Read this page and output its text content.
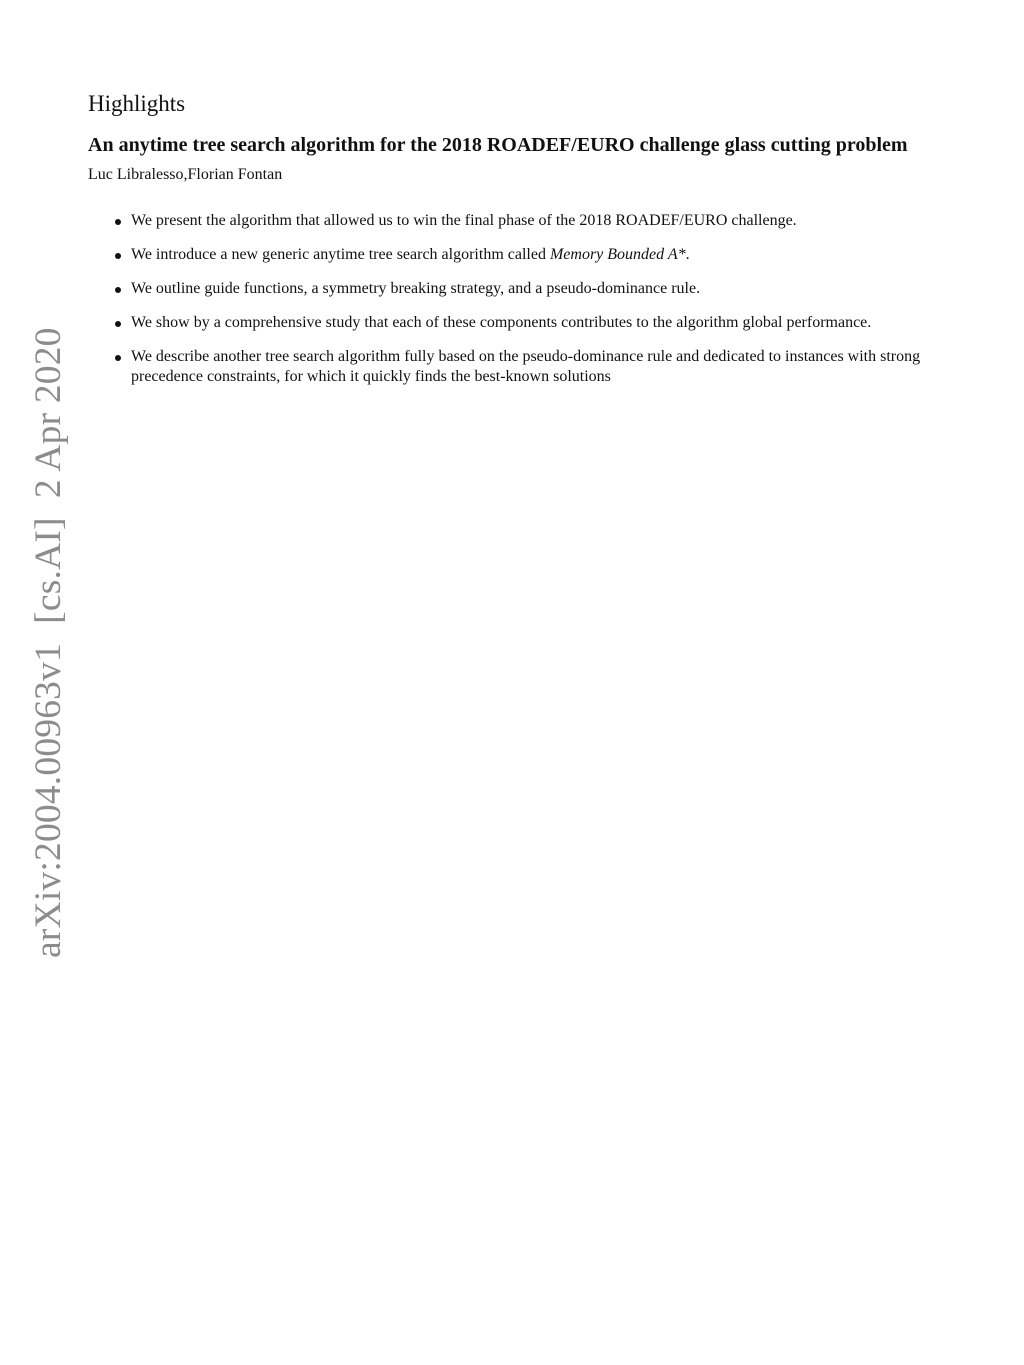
arXiv:2004.00963v1  [cs.AI]  2 Apr 2020
Highlights
An anytime tree search algorithm for the 2018 ROADEF/EURO challenge glass cutting problem

Luc Libralesso,Florian Fontan

We present the algorithm that allowed us to win the final phase of the 2018 ROADEF/EURO challenge.
We introduce a new generic anytime tree search algorithm called Memory Bounded A*.
We outline guide functions, a symmetry breaking strategy, and a pseudo-dominance rule.
We show by a comprehensive study that each of these components contributes to the algorithm global performance.
We describe another tree search algorithm fully based on the pseudo-dominance rule and dedicated to instances with strong precedence constraints, for which it quickly finds the best-known solutions
